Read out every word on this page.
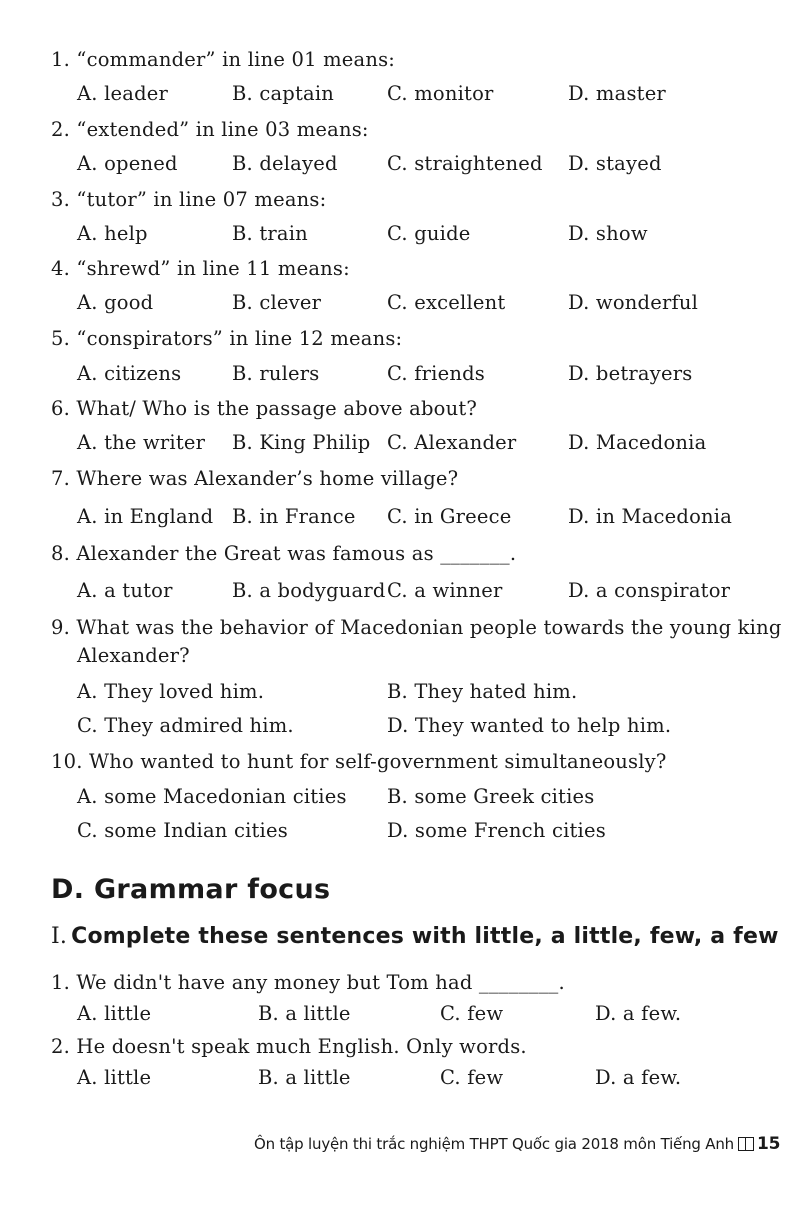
1. “commander” in line 01 means:
A. leader	B. captain	C. monitor	D. master
2. “extended” in line 03 means:
A. opened	B. delayed	C. straightened D. stayed
3. “tutor” in line 07 means:
A. help	B. train	C. guide	D. show
4. “shrewd” in line 11 means:
A. good	B. clever	C. excellent	D. wonderful
5. “conspirators” in line 12 means:
A. citizens	B. rulers	C. friends	D. betrayers
6. What/ Who is the passage above about?
A. the writer B. King Philip C. Alexander	D. Macedonia
7. Where was Alexander’s home village?
A. in England B. in France C. in Greece	D. in Macedonia
8. Alexander the Great was famous as _______.
A. a tutor	B. a bodyguard C. a winner	D. a conspirator
9. What was the behavior of Macedonian people towards the young king
Alexander?
A. They loved him.	B. They hated him.
C. They admired him.	D. They wanted to help him.
10. Who wanted to hunt for self-government simultaneously?
A. some Macedonian cities B. some Greek cities
C. some Indian cities	D. some French cities
D. Grammar focus
I. Complete these sentences with little, a little, few, a few
1. We didn't have any money but Tom had ________.
A. little	B. a little	C. few	D. a few.
2. He doesn't speak much English. Only words.
A. little	B. a little	C. few	D. a few.
Ôn tập luyện thi trắc nghiệm THPT Quốc gia 2018 môn Tiếng Anh 15
